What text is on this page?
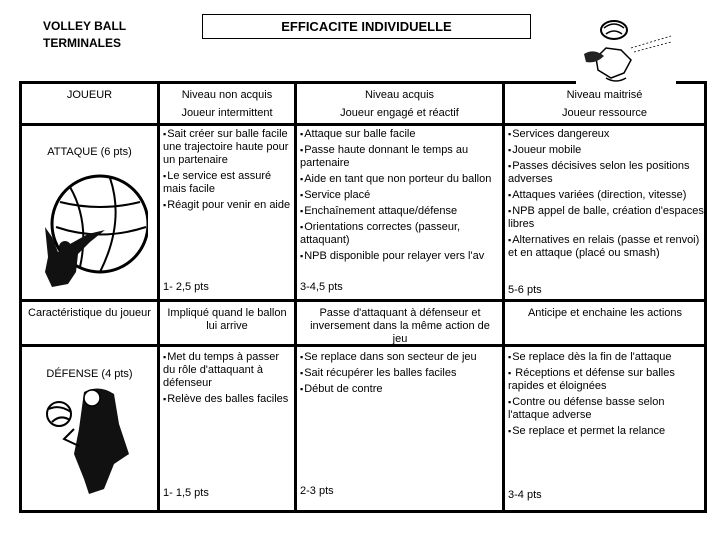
VOLLEY BALL
TERMINALES
EFFICACITE INDIVIDUELLE
JOUEUR	Niveau non acquis
Joueur intermittent
Niveau acquis
Joueur engagé et réactif
Niveau maitrisé
Joueur ressource
ATTAQUE (6 pts)
▪ Sait créer sur balle facile une trajectoire haute pour un partenaire
▪ Le service est assuré mais facile
▪ Réagit pour venir en aide
1- 2,5 pts
▪ Attaque sur balle facile
▪ Passe haute donnant le temps au partenaire
▪ Aide en tant que non porteur du ballon
▪ Service placé
▪ Enchaînement attaque/défense
▪ Orientations correctes (passeur, attaquant)
▪ NPB disponible pour relayer vers l'av
3-4,5 pts
▪ Services dangereux
▪ Joueur mobile
▪ Passes décisives selon les positions adverses
▪ Attaques variées (direction, vitesse)
▪ NPB appel de balle, création d'espaces libres
▪ Alternatives en relais (passe et renvoi) et en attaque (placé ou smash)
5-6 pts
Caractéristique du joueur	Impliqué quand le ballon lui arrive
Passe d'attaquant à défenseur et inversement dans la même action de jeu
Anticipe et enchaine les actions
DÉFENSE (4 pts)
▪ Met du temps à passer du rôle d'attaquant à défenseur
▪ Relève des balles faciles
1- 1,5 pts
▪ Se replace dans son secteur de jeu
▪ Sait récupérer les balles faciles
▪ Début de contre
2-3 pts
▪ Se replace dès la fin de l'attaque
▪ Réceptions et défense sur balles rapides et éloignées
▪ Contre ou défense basse selon l'attaque adverse
▪ Se replace et permet la relance
3-4 pts
